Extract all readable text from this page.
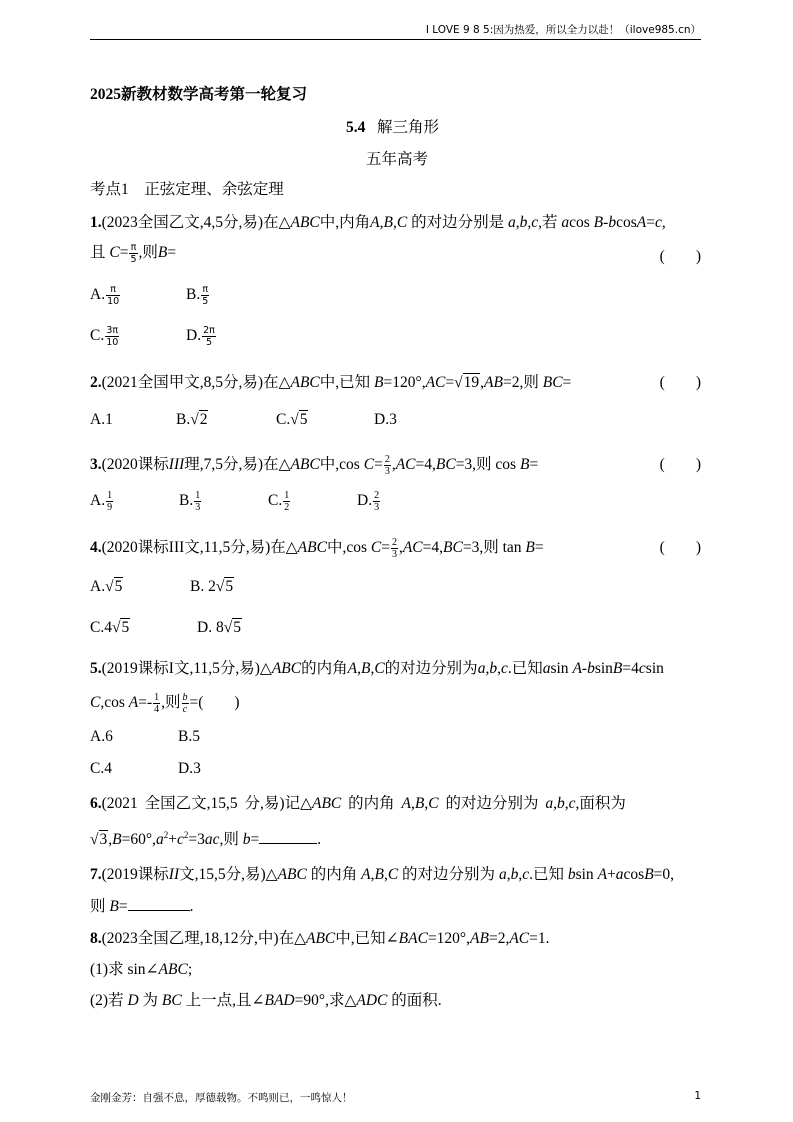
I LOVE 9 8 5:因为热爱，所以全力以赴！（ilove985.cn）
2025新教材数学高考第一轮复习
5.4 解三角形
五年高考
考点1　正弦定理、余弦定理
1.(2023全国乙文,4,5分,易)在△ABC中,内角A,B,C 的对边分别是 a,b,c,若 acos B-bcosA=c,
且 $C= \frac{\pi}{5}$ ,则B=	(　　)
A. $\frac{\pi}{10}$	B. $\frac{\pi}{5}$
C. $\frac{3\pi}{10}$	D. $\frac{2\pi}{5}$
2.(2021全国甲文,8,5分,易)在△ABC中,已知 B=120°,AC=√19,AB=2,则 BC=	(　　)
A.1	B.√2	C.√5	D.3
3.(2020课标III理,7,5分,易)在△ABC中,cos $C= \frac{2}{3} ,AC=4,BC=3$,则 cos B=	(　　)
A. $\frac{1}{9}$	B. $\frac{1}{3}$	C. $\frac{1}{2}$	D. $\frac{2}{3}$
4.(2020课标III文,11,5分,易)在△ABC中,cos $C= \frac{2}{3} ,AC=4,BC=3$,则 tan B=	(　　)
A.√5	B. 2√5
C.4√5	D. 8√5
5.(2019课标I文,11,5分,易)△ABC的内角A,B,C的对边分别为a,b,c.已知asin A-bsinB=4csin
C,cos $A=- \frac{1}{4}$ ,则 $\frac{b}{c}$ =(　　)
A.6	B.5
C.4	D.3
6.(2021 全国乙文,15,5 分,易)记△ABC 的内角 A,B,C 的对边分别为 a,b,c,面积为
$√3,B=60^\circ,a^2+c^2=3ac$,则 b=	.
7.(2019课标II文,15,5分,易)△ABC 的内角 A,B,C 的对边分别为 a,b,c.已知 bsin A+acosB=0,
则 B=	.
8.(2023全国乙理,18,12分,中)在△ABC中,已知∠BAC=120°,AB=2,AC=1.
(1)求 sin∠ABC;
(2)若 D 为 BC 上一点,且∠BAD=90°,求△ADC 的面积.
金刚金芳：自强不息，厚德载物。不鸣则已，一鸣惊人！	1
